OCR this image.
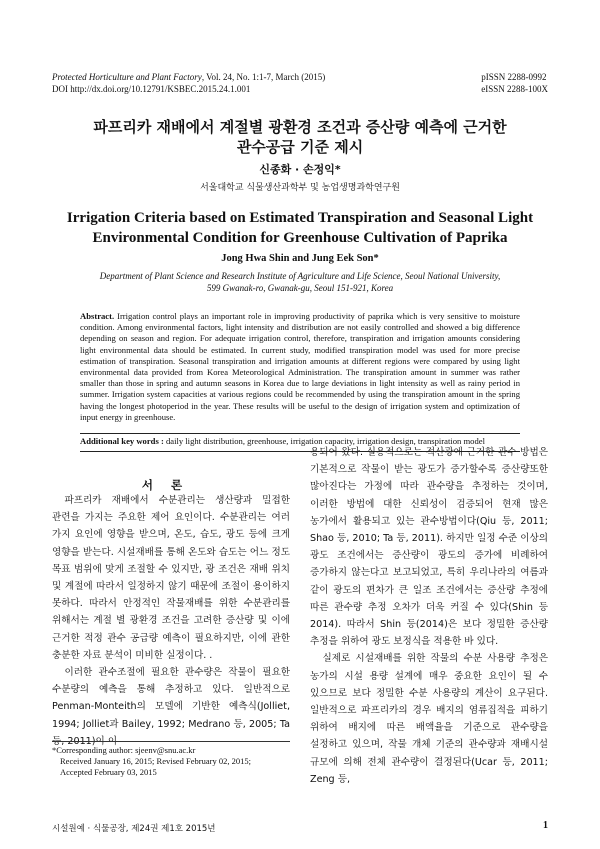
Protected Horticulture and Plant Factory, Vol. 24, No. 1:1-7, March (2015)
DOI http://dx.doi.org/10.12791/KSBEC.2015.24.1.001
pISSN 2288-0992
eISSN 2288-100X
파프리카 재배에서 계절별 광환경 조건과 증산량 예측에 근거한
관수공급 기준 제시
신종화 · 손정익*
서울대학교 식물생산과학부 및 농업생명과학연구원
Irrigation Criteria based on Estimated Transpiration and Seasonal Light
Environmental Condition for Greenhouse Cultivation of Paprika
Jong Hwa Shin and Jung Eek Son*
Department of Plant Science and Research Institute of Agriculture and Life Science, Seoul National University,
599 Gwanak-ro, Gwanak-gu, Seoul 151-921, Korea
Abstract. Irrigation control plays an important role in improving productivity of paprika which is very sensitive to moisture condition. Among environmental factors, light intensity and distribution are not easily controlled and showed a big difference depending on season and region. For adequate irrigation control, therefore, transpiration and irrigation amounts considering light environmental data should be estimated. In current study, modified transpiration model was used for more precise estimation of transpiration. Seasonal transpiration and irrigation amounts at different regions were compared by using light environmental data provided from Korea Meteorological Administration. The transpiration amount in summer was rather smaller than those in spring and autumn seasons in Korea due to large deviations in light intensity as well as rainy period in summer. Irrigation system capacities at various regions could be recommended by using the transpiration amount in the spring having the longest photoperiod in the year. These results will be useful to the design of irrigation system and optimization of input energy in greenhouse.
Additional key words : daily light distribution, greenhouse, irrigation capacity, irrigation design, transpiration model
서론

파프리카 재배에서 수분관리는 생산량과 밀접한 관련을 가지는 주요한 제어 요인이다. 수분관리는 여러 가지 요인에 영향을 받으며, 온도, 습도, 광도 등에 크게 영향을 받는다. 시설재배를 통해 온도와 습도는 어느 정도 목표 범위에 맞게 조절할 수 있지만, 광 조건은 재배 위치 및 계절에 따라서 일정하지 않기 때문에 조절이 용이하지 못하다. 따라서 안정적인 작물재배를 위한 수분관리를 위해서는 계절 별 광환경 조건을 고려한 증산량 및 이에 근거한 적정 관수 공급량 예측이 필요하지만, 이에 관한 충분한 자료 분석이 미비한 실정이다. .

이러한 관수조절에 필요한 관수량은 작물이 필요한 수분량의 예측을 통해 추정하고 있다. 일반적으로 Penman-Monteith의 모델에 기반한 예측식(Jolliet, 1994; Jolliet과 Bailey, 1992; Medrano 등, 2005; Ta 등, 2011)이 이

용되어 왔다. 실용적으로는 적산광에 근거한 관수 방법은 기본적으로 작물이 받는 광도가 증가할수록 증산량또한 많아진다는 가정에 따라 관수량을 추정하는 것이며, 이러한 방법에 대한 신뢰성이 검증되어 현재 많은 농가에서 활용되고 있는 관수방법이다(Qiu 등, 2011; Shao 등, 2010; Ta 등, 2011). 하지만 일정 수준 이상의 광도 조건에서는 증산량이 광도의 증가에 비례하여 증가하지 않는다고 보고되었고, 특히 우리나라의 여름과 같이 광도의 편차가 큰 일조 조건에서는 증산량 추정에 따른 관수량 추정 오차가 더욱 커질 수 있다(Shin 등 2014). 따라서 Shin 등(2014)은 보다 정밀한 증산량 추정을 위하여 광도 보정식을 적용한 바 있다.

실제로 시설재배를 위한 작물의 수분 사용량 추정은 농가의 시설 용량 설계에 매우 중요한 요인이 될 수 있으므로 보다 정밀한 수분 사용량의 계산이 요구된다. 일반적으로 파프리카의 경우 배지의 염류집적을 피하기 위하여 배지에 따른 배액율을 기준으로 관수량을 설정하고 있으며, 작물 개체 기준의 관수량과 재배시설 규모에 의해 전체 관수량이 결정된다(Ucar 등, 2011; Zeng 등,

*Corresponding author: sjeenv@snu.ac.kr
Received January 16, 2015; Revised February 02, 2015;
Accepted February 03, 2015
시설원예 · 식물공장, 제24권 제1호 2015년	1
